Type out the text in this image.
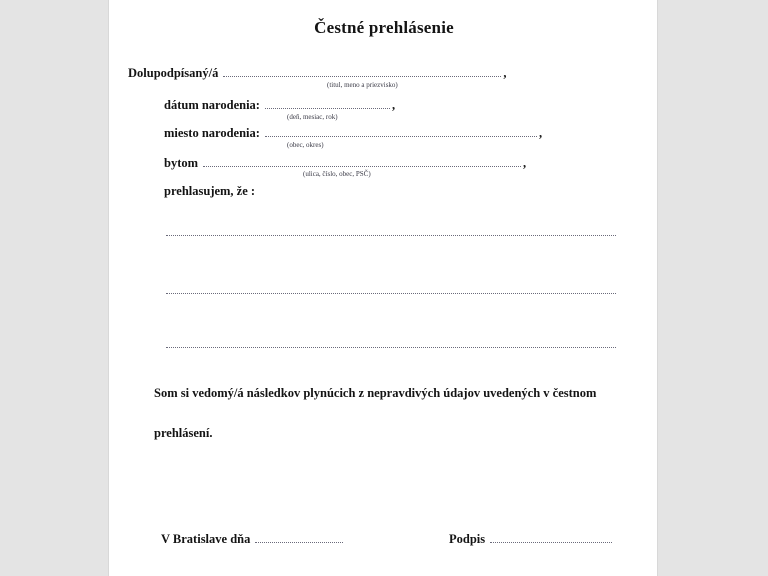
Čestné prehlásenie
Dolupodpísaný/á	,
(titul, meno a priezvisko)
dátum narodenia:	,
(deň, mesiac, rok)
miesto narodenia:	,
(obec, okres)
bytom	,
(ulica, číslo, obec, PSČ)
prehlasujem, že :
Som si vedomý/á následkov plynúcich z nepravdivých údajov uvedených v čestnom prehlásení.
V Bratislave dňa	Podpis
